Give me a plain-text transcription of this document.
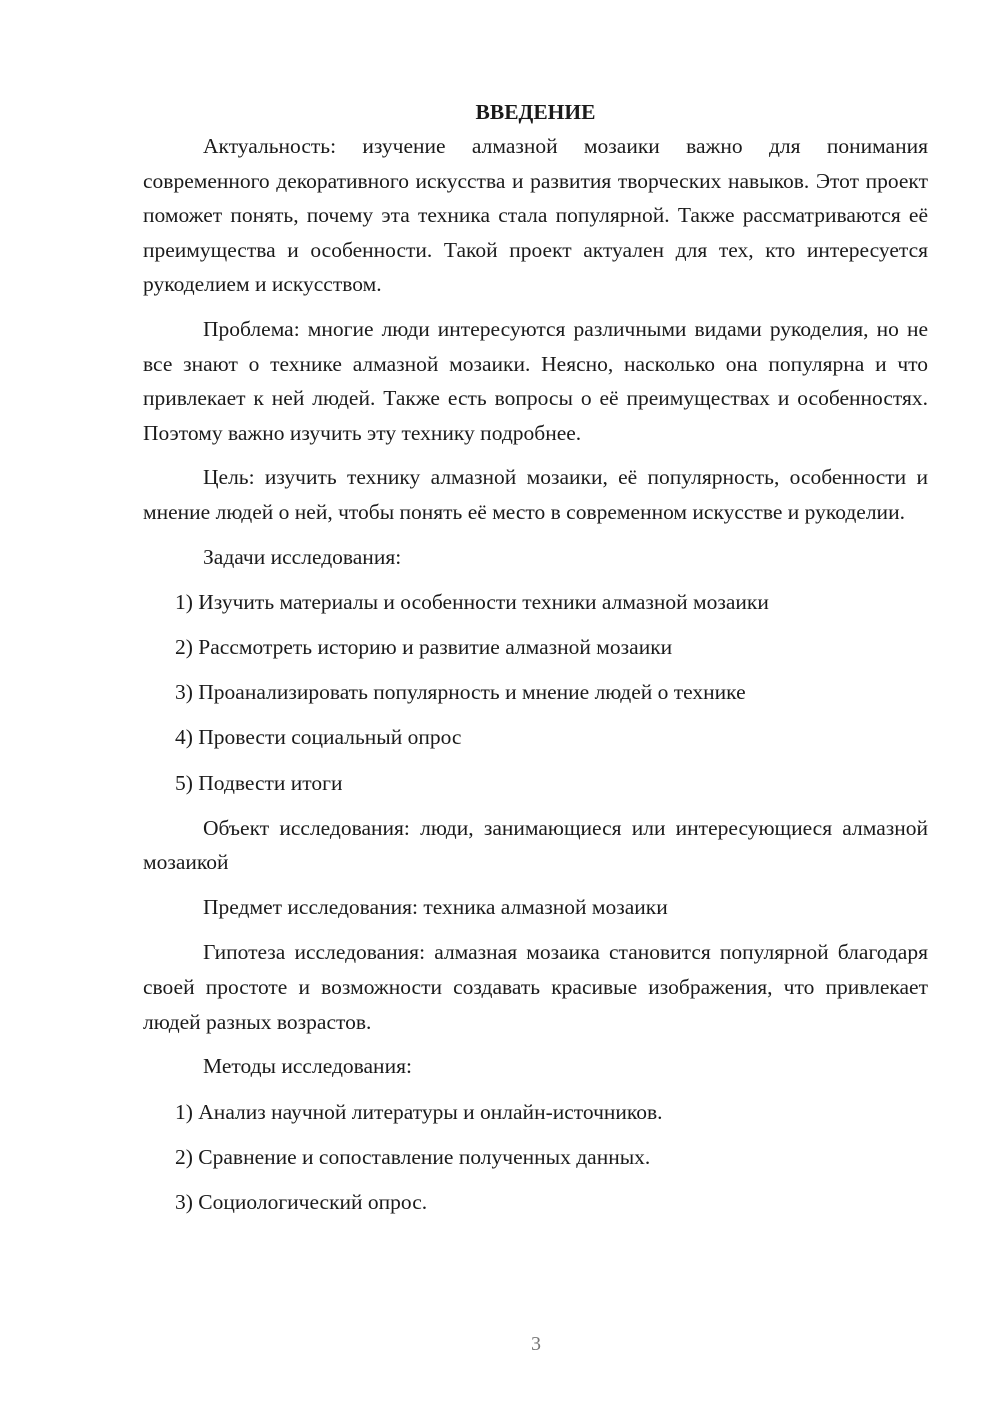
ВВЕДЕНИЕ

Актуальность: изучение алмазной мозаики важно для понимания современного декоративного искусства и развития творческих навыков. Этот проект поможет понять, почему эта техника стала популярной. Также рассматриваются её преимущества и особенности. Такой проект актуален для тех, кто интересуется рукоделием и искусством.

Проблема: многие люди интересуются различными видами рукоделия, но не все знают о технике алмазной мозаики. Неясно, насколько она популярна и что привлекает к ней людей. Также есть вопросы о её преимуществах и особенностях. Поэтому важно изучить эту технику подробнее.

Цель: изучить технику алмазной мозаики, её популярность, особенности и мнение людей о ней, чтобы понять её место в современном искусстве и рукоделии.

Задачи исследования:

1) Изучить материалы и особенности техники алмазной мозаики
2) Рассмотреть историю и развитие алмазной мозаики
3) Проанализировать популярность и мнение людей о технике
4) Провести социальный опрос
5) Подвести итоги

Объект исследования: люди, занимающиеся или интересующиеся алмазной мозаикой

Предмет исследования: техника алмазной мозаики

Гипотеза исследования: алмазная мозаика становится популярной благодаря своей простоте и возможности создавать красивые изображения, что привлекает людей разных возрастов.

Методы исследования:

1) Анализ научной литературы и онлайн-источников.
2) Сравнение и сопоставление полученных данных.
3) Социологический опрос.
3
